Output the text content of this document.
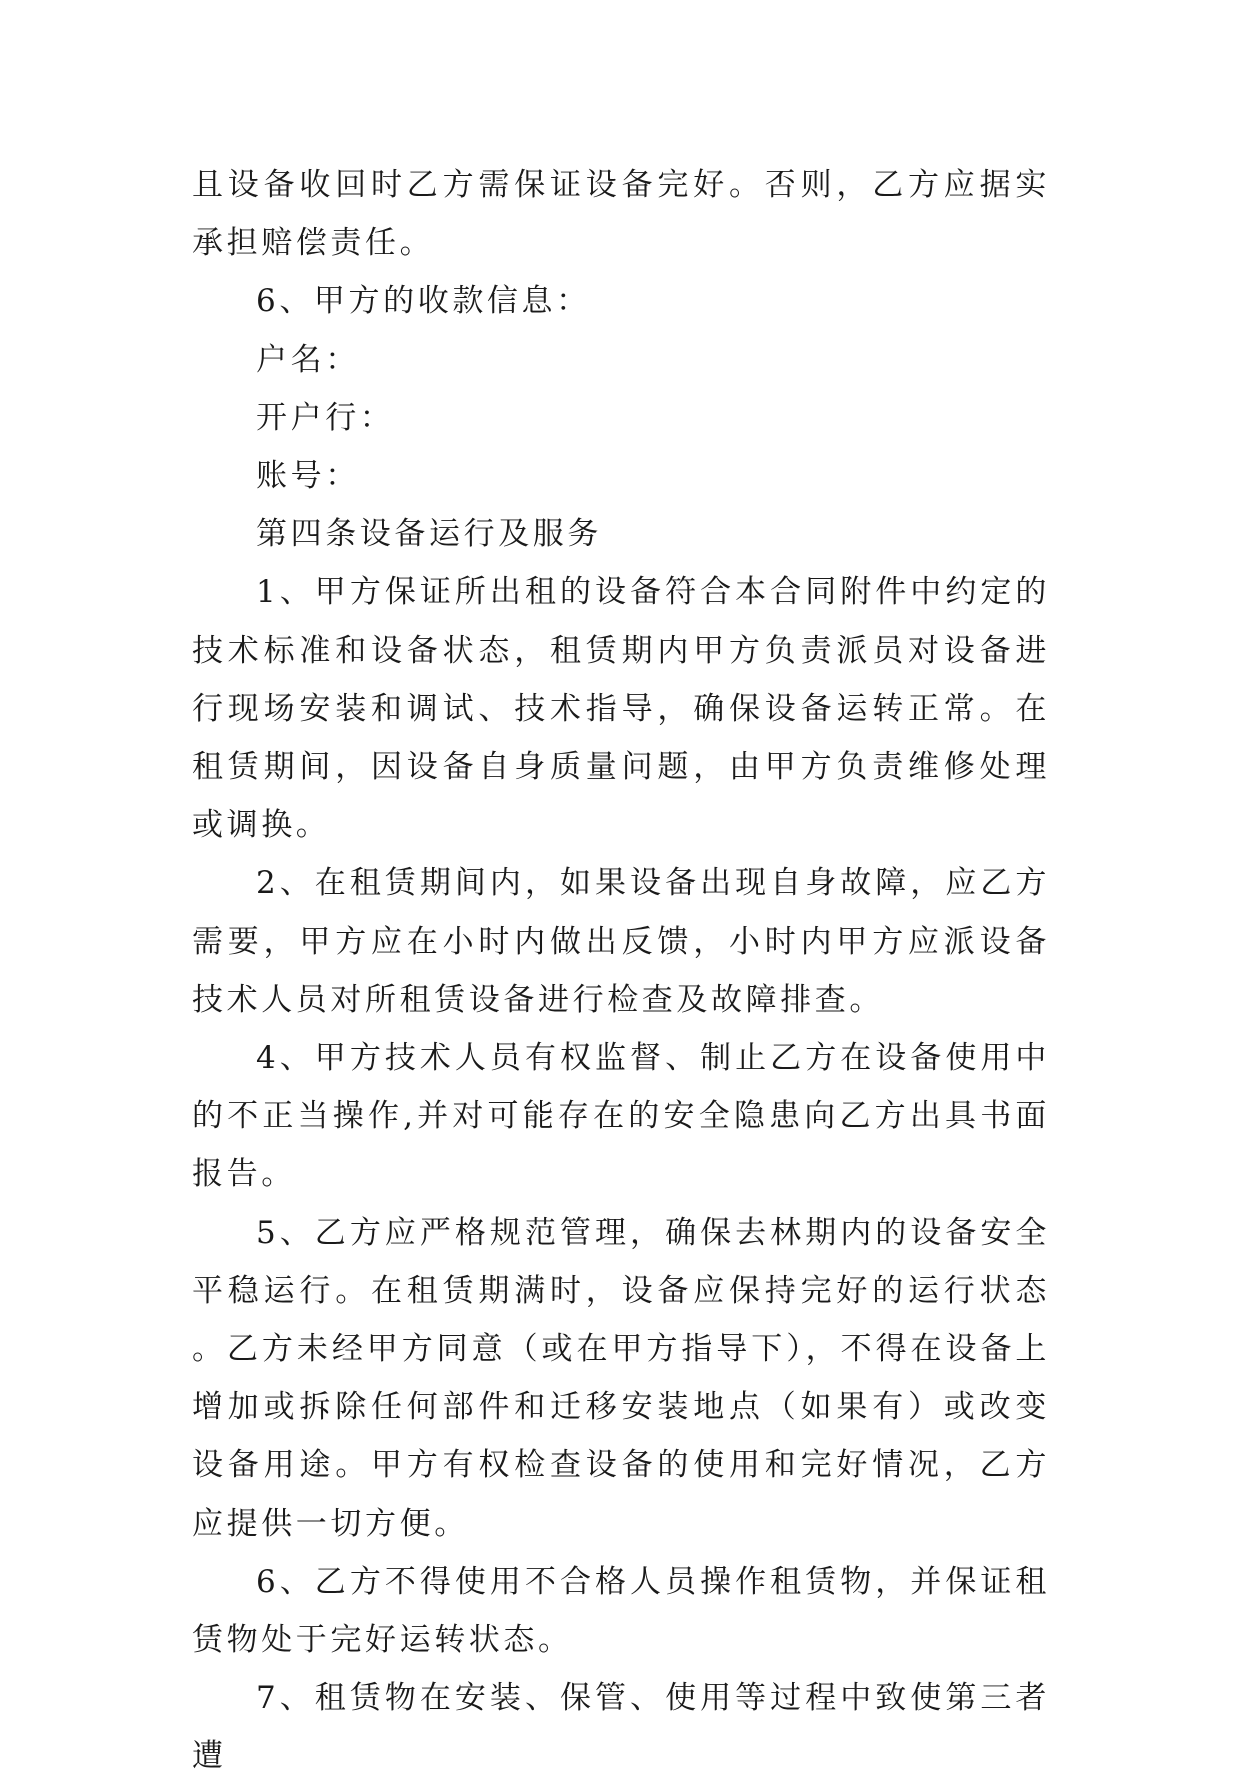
且设备收回时乙方需保证设备完好。否则，乙方应据实承担赔偿责任。

6、甲方的收款信息：

户名：

开户行：

账号：

第四条设备运行及服务

1、甲方保证所出租的设备符合本合同附件中约定的技术标准和设备状态，租赁期内甲方负责派员对设备进行现场安装和调试、技术指导，确保设备运转正常。在租赁期间，因设备自身质量问题，由甲方负责维修处理或调换。

2、在租赁期间内，如果设备出现自身故障，应乙方需要，甲方应在小时内做出反馈，小时内甲方应派设备技术人员对所租赁设备进行检查及故障排查。

4、甲方技术人员有权监督、制止乙方在设备使用中的不正当操作,并对可能存在的安全隐患向乙方出具书面报告。

5、乙方应严格规范管理，确保去林期内的设备安全平稳运行。在租赁期满时，设备应保持完好的运行状态。乙方未经甲方同意（或在甲方指导下），不得在设备上增加或拆除任何部件和迁移安装地点（如果有）或改变设备用途。甲方有权检查设备的使用和完好情况，乙方应提供一切方便。

6、乙方不得使用不合格人员操作租赁物，并保证租赁物处于完好运转状态。

7、租赁物在安装、保管、使用等过程中致使第三者遭
